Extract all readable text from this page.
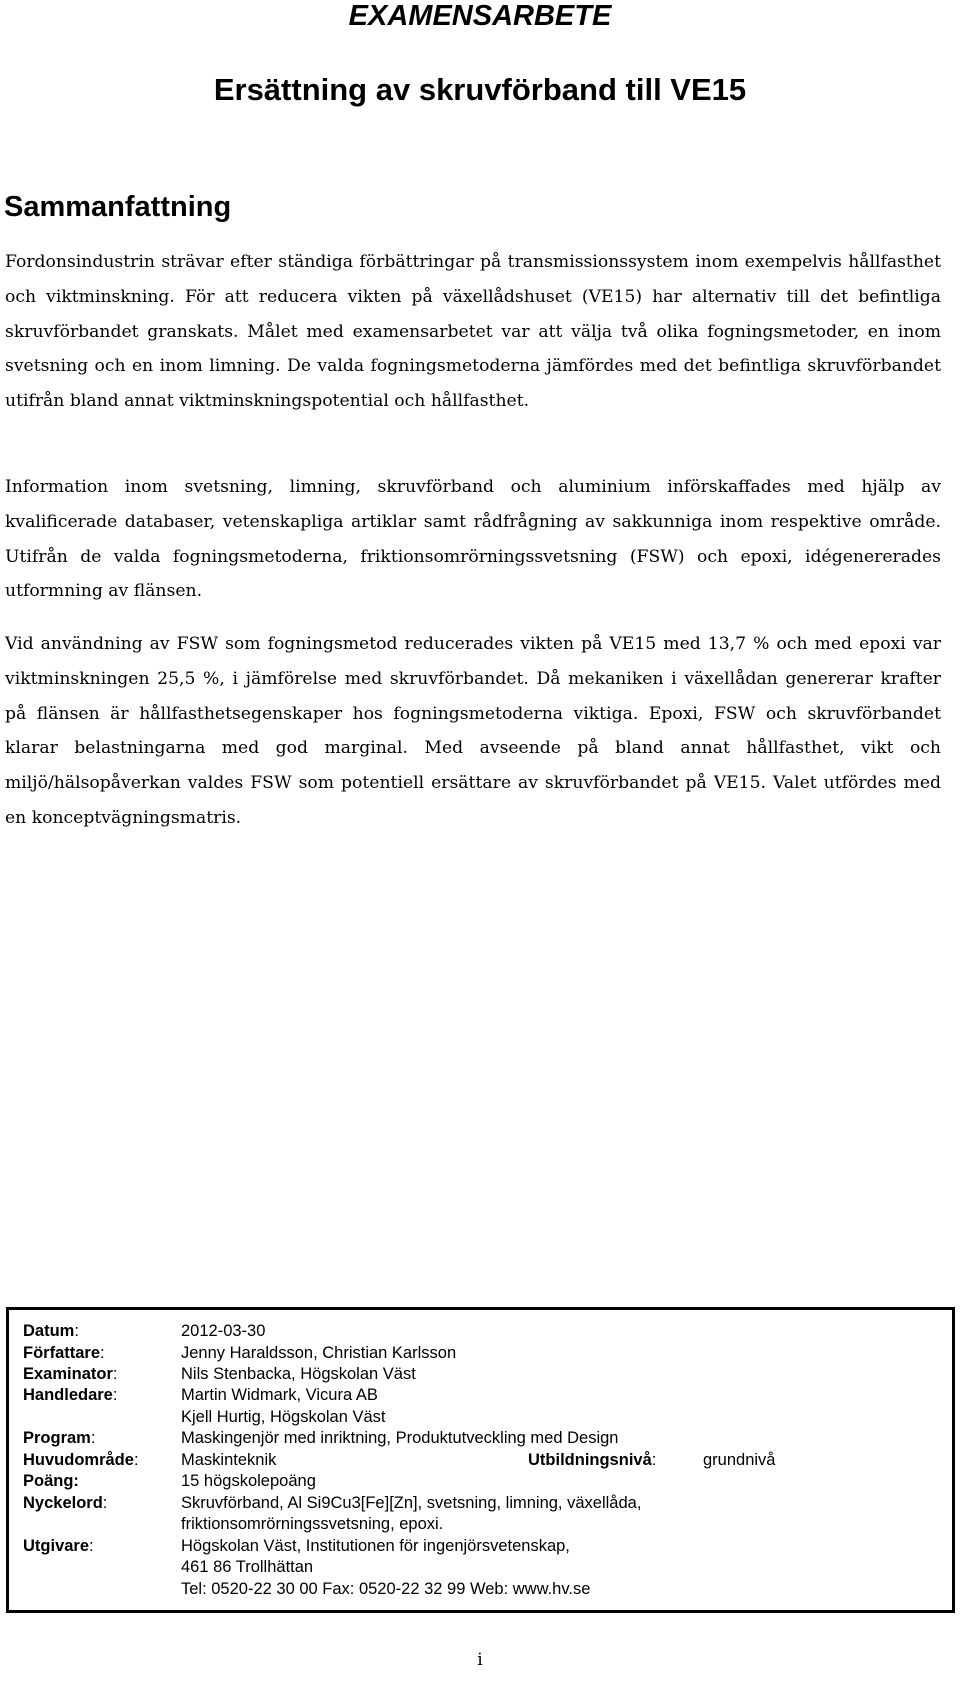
EXAMENSARBETE
Ersättning av skruvförband till VE15
Sammanfattning

Fordonsindustrin strävar efter ständiga förbättringar på transmissionssystem inom exempelvis hållfasthet och viktminskning. För att reducera vikten på växellådshuset (VE15) har alternativ till det befintliga skruvförbandet granskats. Målet med examensarbetet var att välja två olika fogningsmetoder, en inom svetsning och en inom limning. De valda fogningsmetoderna jämfördes med det befintliga skruvförbandet utifrån bland annat viktminskningspotential och hållfasthet.

Information inom svetsning, limning, skruvförband och aluminium införskaffades med hjälp av kvalificerade databaser, vetenskapliga artiklar samt rådfrågning av sakkunniga inom respektive område. Utifrån de valda fogningsmetoderna, friktionsomrörningssvetsning (FSW) och epoxi, idégenererades utformning av flänsen.

Vid användning av FSW som fogningsmetod reducerades vikten på VE15 med 13,7 % och med epoxi var viktminskningen 25,5 %, i jämförelse med skruvförbandet. Då mekaniken i växellådan genererar krafter på flänsen är hållfasthetsegenskaper hos fogningsmetoderna viktiga. Epoxi, FSW och skruvförbandet klarar belastningarna med god marginal. Med avseende på bland annat hållfasthet, vikt och miljö/hälsopåverkan valdes FSW som potentiell ersättare av skruvförbandet på VE15. Valet utfördes med en konceptvägningsmatris.

Datum:	2012-03-30
Författare:	Jenny Haraldsson, Christian Karlsson
Examinator:	Nils Stenbacka, Högskolan Väst
Handledare:	Martin Widmark, Vicura AB
Kjell Hurtig, Högskolan Väst
Program:	Maskingenjör med inriktning, Produktutveckling med Design
Huvudområde:	Maskinteknik	Utbildningsnivå:	grundnivå
Poäng:	15 högskolepoäng
Nyckelord:	Skruvförband, Al Si9Cu3[Fe][Zn], svetsning, limning, växellåda,
friktionsomrörningssvetsning, epoxi.
Utgivare:	Högskolan Väst, Institutionen för ingenjörsvetenskap,
461 86 Trollhättan
Tel: 0520-22 30 00 Fax: 0520-22 32 99 Web: www.hv.se
i
